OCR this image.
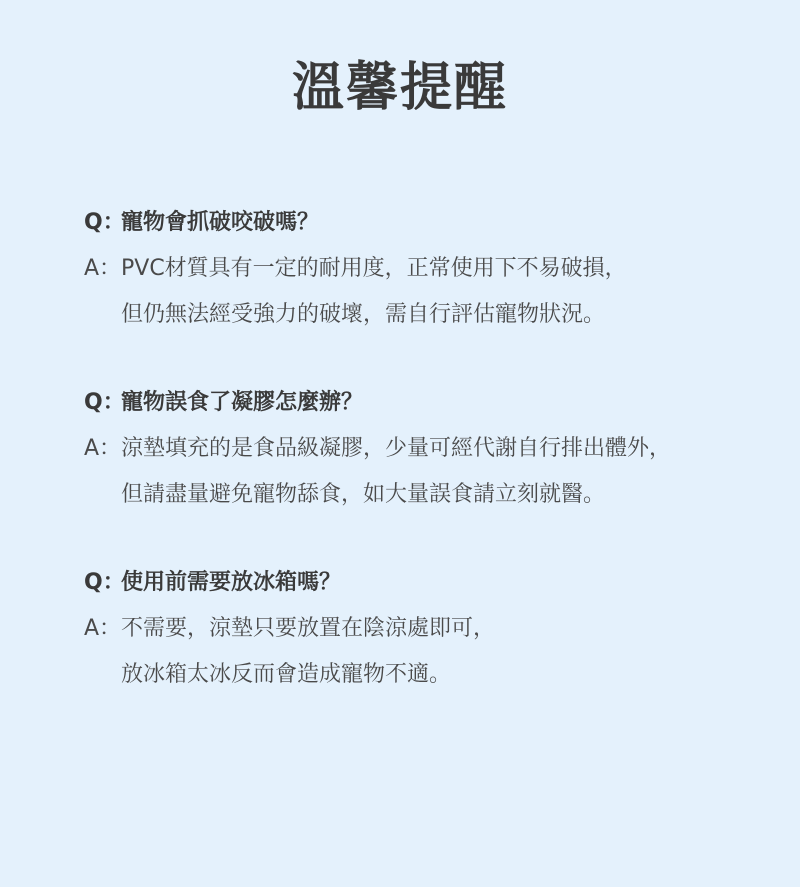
溫馨提醒
Q：
寵物會抓破咬破嗎？
A： PVC材質具有一定的耐用度，正常使用下不易破損，
但仍無法經受強力的破壞，需自行評估寵物狀況。
Q：
寵物誤食了凝膠怎麼辦？
A： 涼墊填充的是食品級凝膠，少量可經代謝自行排出體外，
但請盡量避免寵物舔食，如大量誤食請立刻就醫。
Q：
使用前需要放冰箱嗎？
A： 不需要，涼墊只要放置在陰涼處即可，
放冰箱太冰反而會造成寵物不適。
